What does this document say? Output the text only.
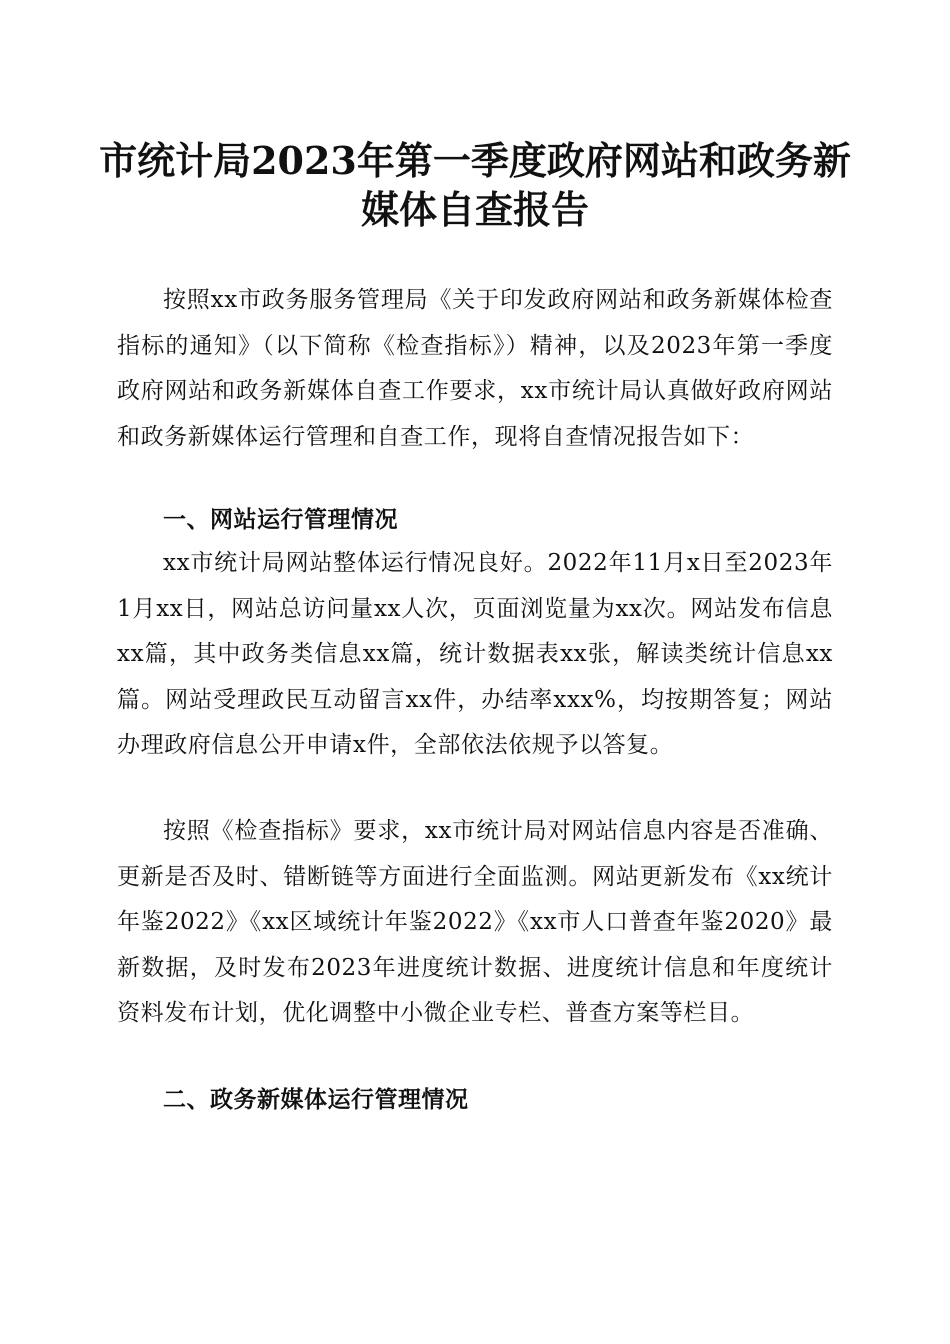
市统计局2023年第一季度政府网站和政务新
媒体自查报告
按照xx市政务服务管理局《关于印发政府网站和政务新媒体检查指标的通知》（以下简称《检查指标》）精神，以及2023年第一季度政府网站和政务新媒体自查工作要求，xx市统计局认真做好政府网站和政务新媒体运行管理和自查工作，现将自查情况报告如下：
一、网站运行管理情况
xx市统计局网站整体运行情况良好。2022年11月x日至2023年1月xx日，网站总访问量xx人次，页面浏览量为xx次。网站发布信息xx篇，其中政务类信息xx篇，统计数据表xx张，解读类统计信息xx篇。网站受理政民互动留言xx件，办结率xxx%，均按期答复；网站办理政府信息公开申请x件，全部依法依规予以答复。
按照《检查指标》要求，xx市统计局对网站信息内容是否准确、更新是否及时、错断链等方面进行全面监测。网站更新发布《xx统计年鉴2022》《xx区域统计年鉴2022》《xx市人口普查年鉴2020》最新数据，及时发布2023年进度统计数据、进度统计信息和年度统计资料发布计划，优化调整中小微企业专栏、普查方案等栏目。
二、政务新媒体运行管理情况
